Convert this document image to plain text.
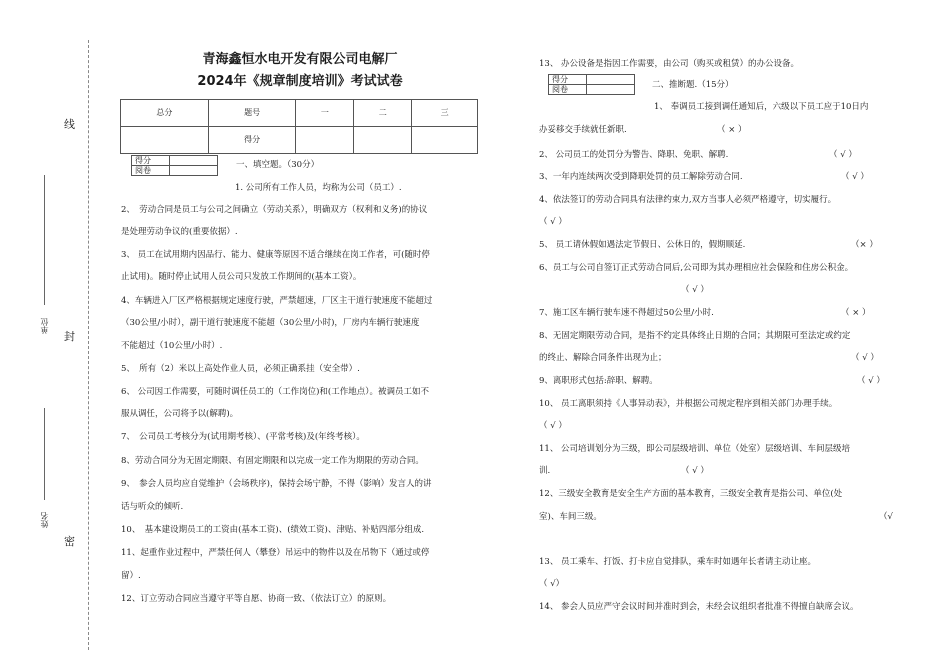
线
封
密
单位
姓名
青海鑫恒水电开发有限公司电解厂
2024年《规章制度培训》考试试卷
总分	题号	一	二	三
	得分			
得分	
阅卷	
一、填空题。（30分）
1. 公司所有工作人员，均称为公司（员工）.
2、　劳动合同是员工与公司之间确立（劳动关系），明确双方（权利和义务)的协议
是处理劳动争议的(重要依据）.
3、 员工在试用期内因品行、能力、健康等原因不适合继续在岗工作者，可(随时停
止试用)。随时停止试用人员公司只发放工作期间的(基本工资）。
4、车辆进入厂区严格根据规定速度行驶，严禁超速，厂区主干道行驶速度不能超过
（30公里/小时），副干道行驶速度不能超（30公里/小时)，厂房内车辆行驶速度
不能超过（10公里/小时）.
5、　所有（2）米以上高处作业人员，必须正确系挂（安全带）.
6、 公司因工作需要，可随时调任员工的（工作岗位)和(工作地点）。被调员工如不
服从调任，公司将予以(解聘)。
7、　公司员工考核分为(试用期考核）、(平常考核)及(年终考核）。
8、劳动合同分为无固定期限、有固定期限和以完成一定工作为期限的劳动合同。
9、　参会人员均应自觉维护（会场秩序)，保持会场宁静，不得（影响）发言人的讲
话与听众的倾听.
10、　基本建设期员工的工资由(基本工资)、(绩效工资)、津贴、补贴四部分组成.
11、起重作业过程中，严禁任何人（攀登）吊运中的物件以及在吊物下（通过或停
留）.
12、订立劳动合同应当遵守平等自愿、协商一致、（依法订立）的原则。
13、 办公设备是指因工作需要，由公司（购买或租赁）的办公设备。
得分	
阅卷		二、推断题.（15分）
1、 奉调员工接到调任通知后，六级以下员工应于10日内
办妥移交手续就任新职.	（ × ）
2、 公司员工的处罚分为警告、降职、免职、解聘.	（ √ ）
3、一年内连续两次受到降职处罚的员工解除劳动合同.	（ √ ）
4、依法签订的劳动合同具有法律约束力,双方当事人必须严格遵守，切实履行。
（ √ ）
5、 员工请休假如遇法定节假日、公休日的，假期顺延.	（× ）
6、员工与公司自签订正式劳动合同后,公司即为其办理相应社会保险和住房公积金。
（ √ ）
7、施工区车辆行驶车速不得超过50公里/小时.	（ × ）
8、无固定期限劳动合同，是指不约定具体终止日期的合同；其期限可至法定或约定
的终止、解除合同条件出现为止；	（ √ ）
9、离职形式包括:辞职、解聘。	（ √ ）
10、 员工离职须持《人事异动表》，并根据公司规定程序到相关部门办理手续。
（ √ ）
11、 公司培训划分为三级，即公司层级培训、单位（处室）层级培训、车间层级培
训.	（ √ ）
12、三级安全教育是安全生产方面的基本教育，三级安全教育是指公司、单位(处
室)、车间三级。	（√
13、 员工乘车、打饭、打卡应自觉排队，乘车时如遇年长者请主动让座。
（ √）
14、 参会人员应严守会议时间并准时到会，未经会议组织者批准不得擅自缺席会议。
